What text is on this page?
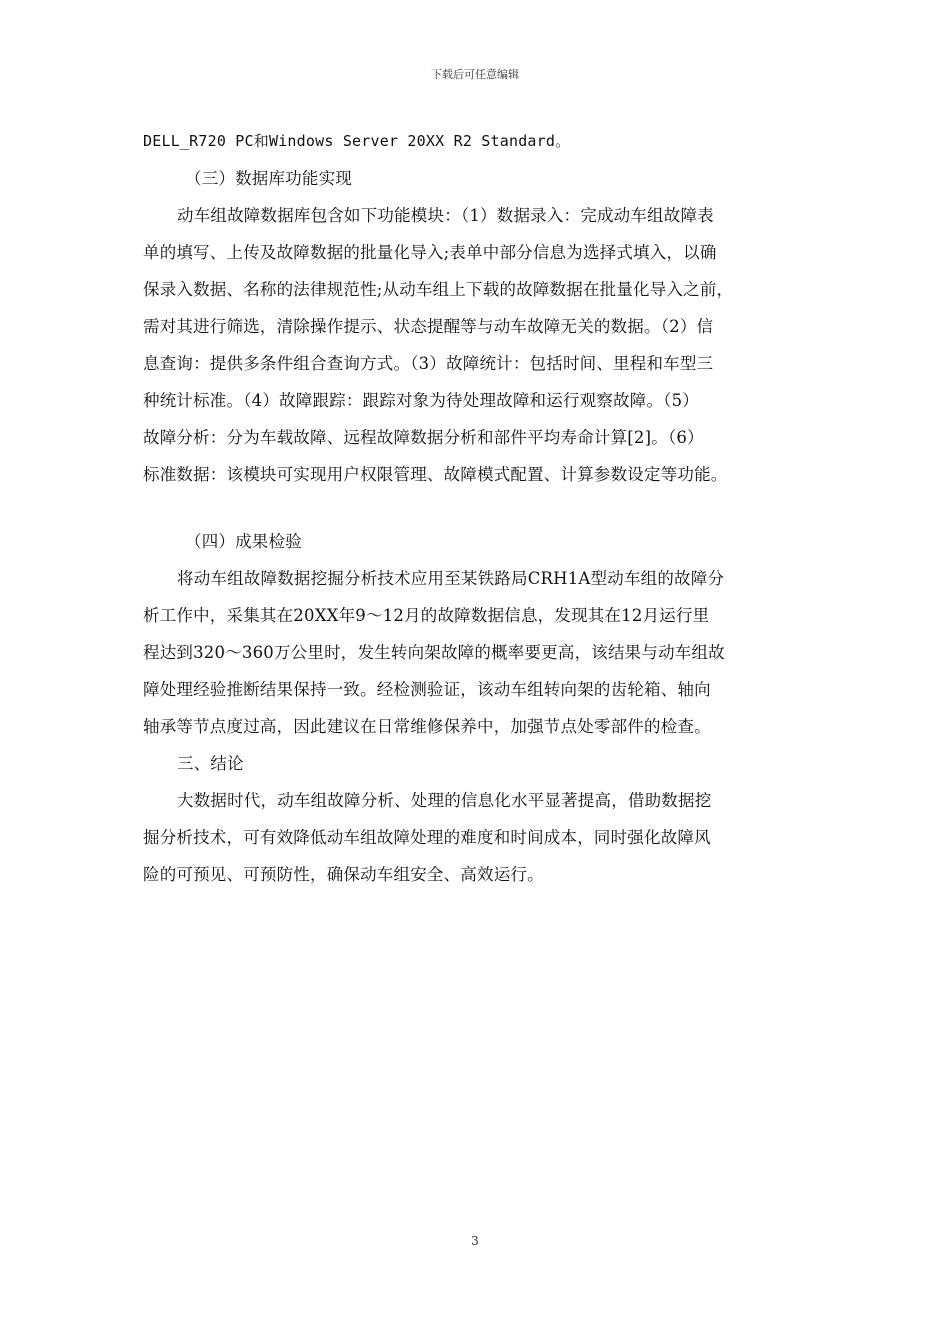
下载后可任意编辑
DELL_R720 PC和Windows Server 20XX R2 Standard。
（三）数据库功能实现
动车组故障数据库包含如下功能模块：（1）数据录入：完成动车组故障表
单的填写、上传及故障数据的批量化导入;表单中部分信息为选择式填入，以确
保录入数据、名称的法律规范性;从动车组上下载的故障数据在批量化导入之前，
需对其进行筛选，清除操作提示、状态提醒等与动车故障无关的数据。（2）信
息查询：提供多条件组合查询方式。（3）故障统计：包括时间、里程和车型三
种统计标准。（4）故障跟踪：跟踪对象为待处理故障和运行观察故障。（5）
故障分析：分为车载故障、远程故障数据分析和部件平均寿命计算[2]。（6）
标准数据：该模块可实现用户权限管理、故障模式配置、计算参数设定等功能。
（四）成果检验
将动车组故障数据挖掘分析技术应用至某铁路局CRH1A型动车组的故障分
析工作中，采集其在20XX年9～12月的故障数据信息，发现其在12月运行里
程达到320～360万公里时，发生转向架故障的概率要更高，该结果与动车组故
障处理经验推断结果保持一致。经检测验证，该动车组转向架的齿轮箱、轴向
轴承等节点度过高，因此建议在日常维修保养中，加强节点处零部件的检查。
三、结论
大数据时代，动车组故障分析、处理的信息化水平显著提高，借助数据挖
掘分析技术，可有效降低动车组故障处理的难度和时间成本，同时强化故障风
险的可预见、可预防性，确保动车组安全、高效运行。
3
